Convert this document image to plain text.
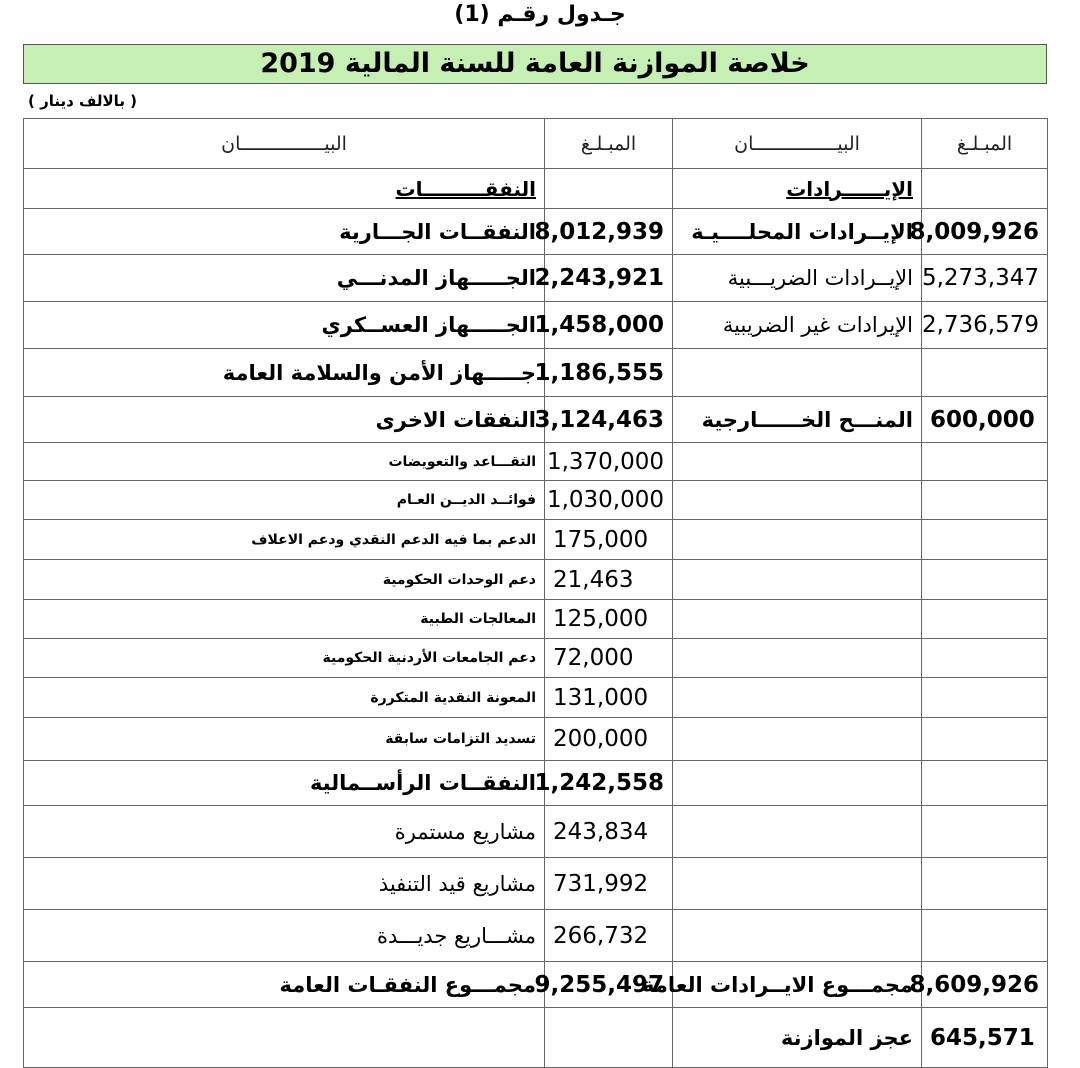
جـدول رقـم (1)
خلاصة الموازنة العامة للسنة المالية 2019
( بالالف دينار )
المبـلـغ	البيـــــــــــــــان	المبـلـغ	البيـــــــــــــــان
	الإيــــــرادات		النفقـــــــــات
8,009,926	الإيــرادات المحلــــيـة	8,012,939	النفقــات الجـــارية
5,273,347	الإيــرادات الضريـــبية	2,243,921	الجـــــهاز المدنـــي
2,736,579	الإيرادات غير الضريبية	1,458,000	الجـــــهاز العســكري
		1,186,555	جـــــهاز الأمن والسلامة العامة
600,000	المنـــح الخــــــارجية	3,124,463	النفقات الاخرى
		1,370,000	التقـــاعد والتعويضات
		1,030,000	فوائــد الديــن العـام
		175,000	الدعم بما فيه الدعم النقدي ودعم الاعلاف
		21,463	دعم الوحدات الحكومية
		125,000	المعالجات الطبية
		72,000	دعم الجامعات الأردنية الحكومية
		131,000	المعونة النقدية المتكررة
		200,000	تسديد التزامات سابقة
		1,242,558	النفقــات الرأســمالية
		243,834	مشاريع مستمرة
		731,992	مشاريع قيد التنفيذ
		266,732	مشـــاريع جديـــدة
8,609,926	مجمـــوع الايــرادات العامة	9,255,497	مجمـــوع النفقـات العامة
645,571	عجز الموازنة		
